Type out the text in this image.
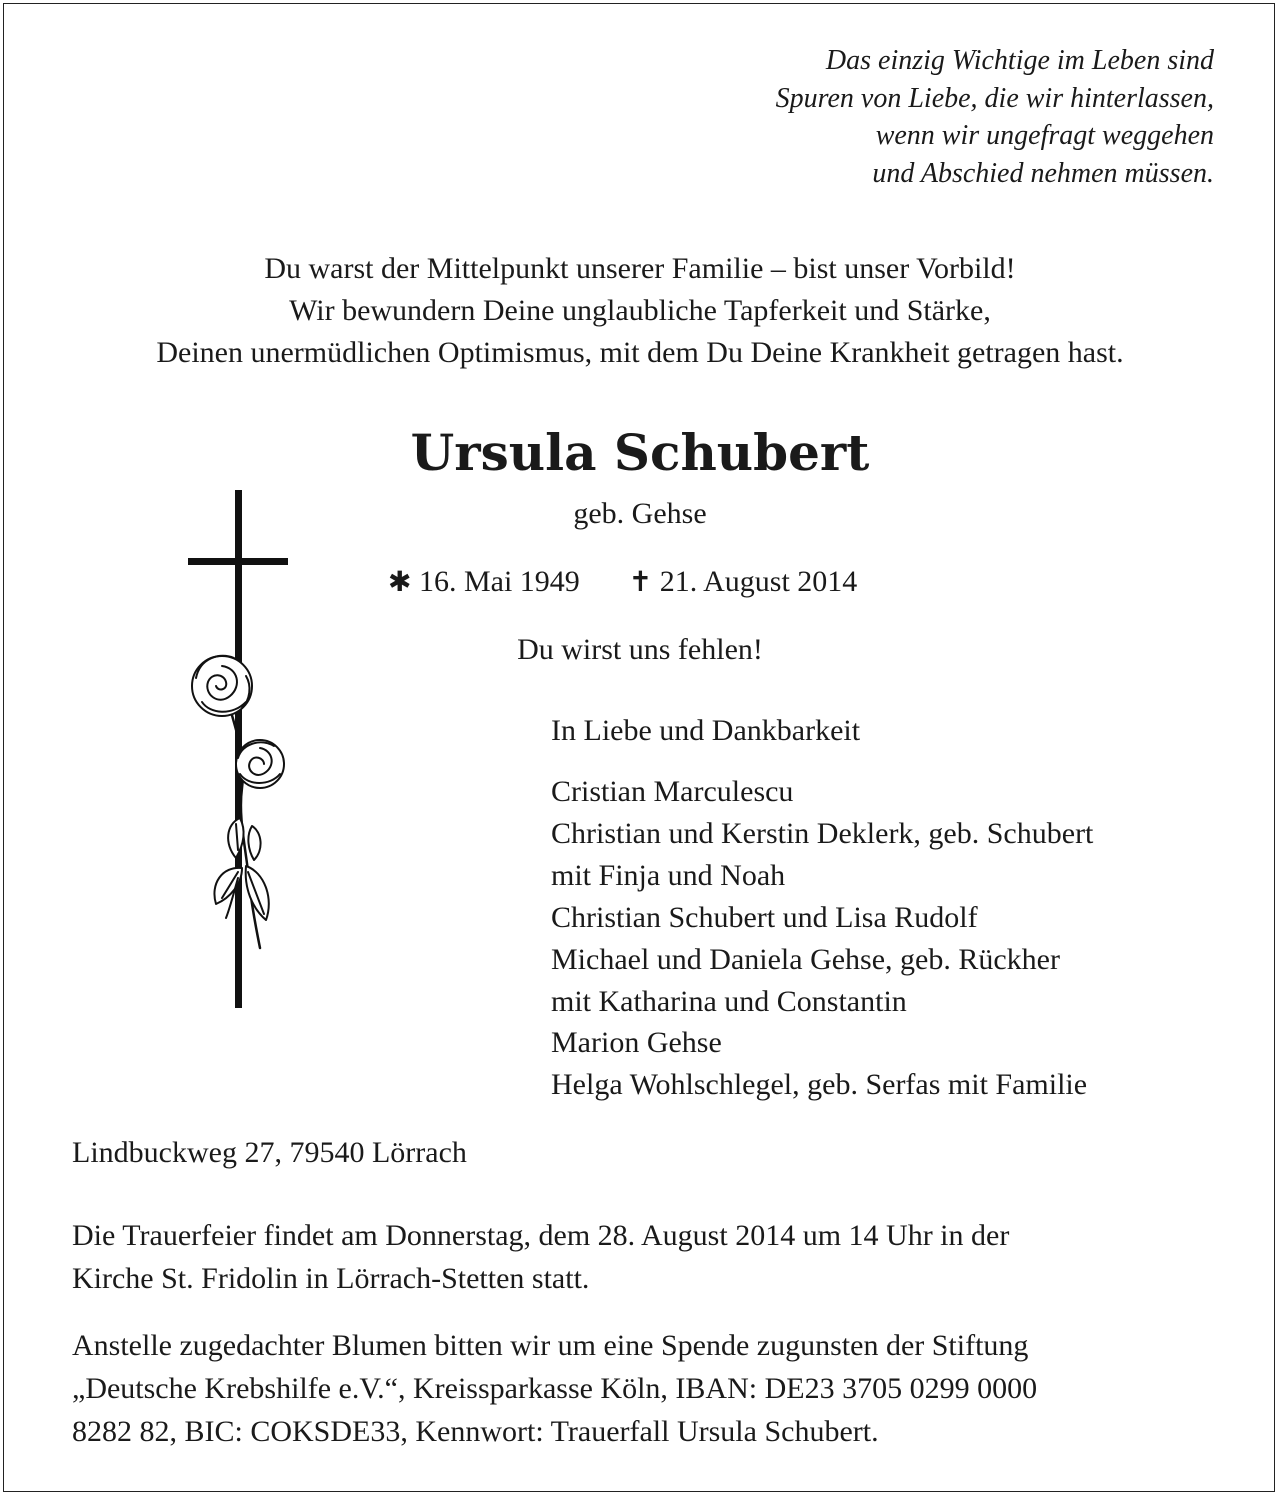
Das einzig Wichtige im Leben sind
Spuren von Liebe, die wir hinterlassen,
wenn wir ungefragt weggehen
und Abschied nehmen müssen.
Du warst der Mittelpunkt unserer Familie – bist unser Vorbild!
Wir bewundern Deine unglaubliche Tapferkeit und Stärke,
Deinen unermüdlichen Optimismus, mit dem Du Deine Krankheit getragen hast.
Ursula Schubert
geb. Gehse
✱ 16. Mai 1949 ✝ 21. August 2014
Du wirst uns fehlen!
In Liebe und Dankbarkeit
Cristian Marculescu
Christian und Kerstin Deklerk, geb. Schubert
mit Finja und Noah
Christian Schubert und Lisa Rudolf
Michael und Daniela Gehse, geb. Rückher
mit Katharina und Constantin
Marion Gehse
Helga Wohlschlegel, geb. Serfas mit Familie
Lindbuckweg 27, 79540 Lörrach
Die Trauerfeier findet am Donnerstag, dem 28. August 2014 um 14 Uhr in der
Kirche St. Fridolin in Lörrach-Stetten statt.
Anstelle zugedachter Blumen bitten wir um eine Spende zugunsten der Stiftung
„Deutsche Krebshilfe e.V.“, Kreissparkasse Köln, IBAN: DE23 3705 0299 0000
8282 82, BIC: COKSDE33, Kennwort: Trauerfall Ursula Schubert.
